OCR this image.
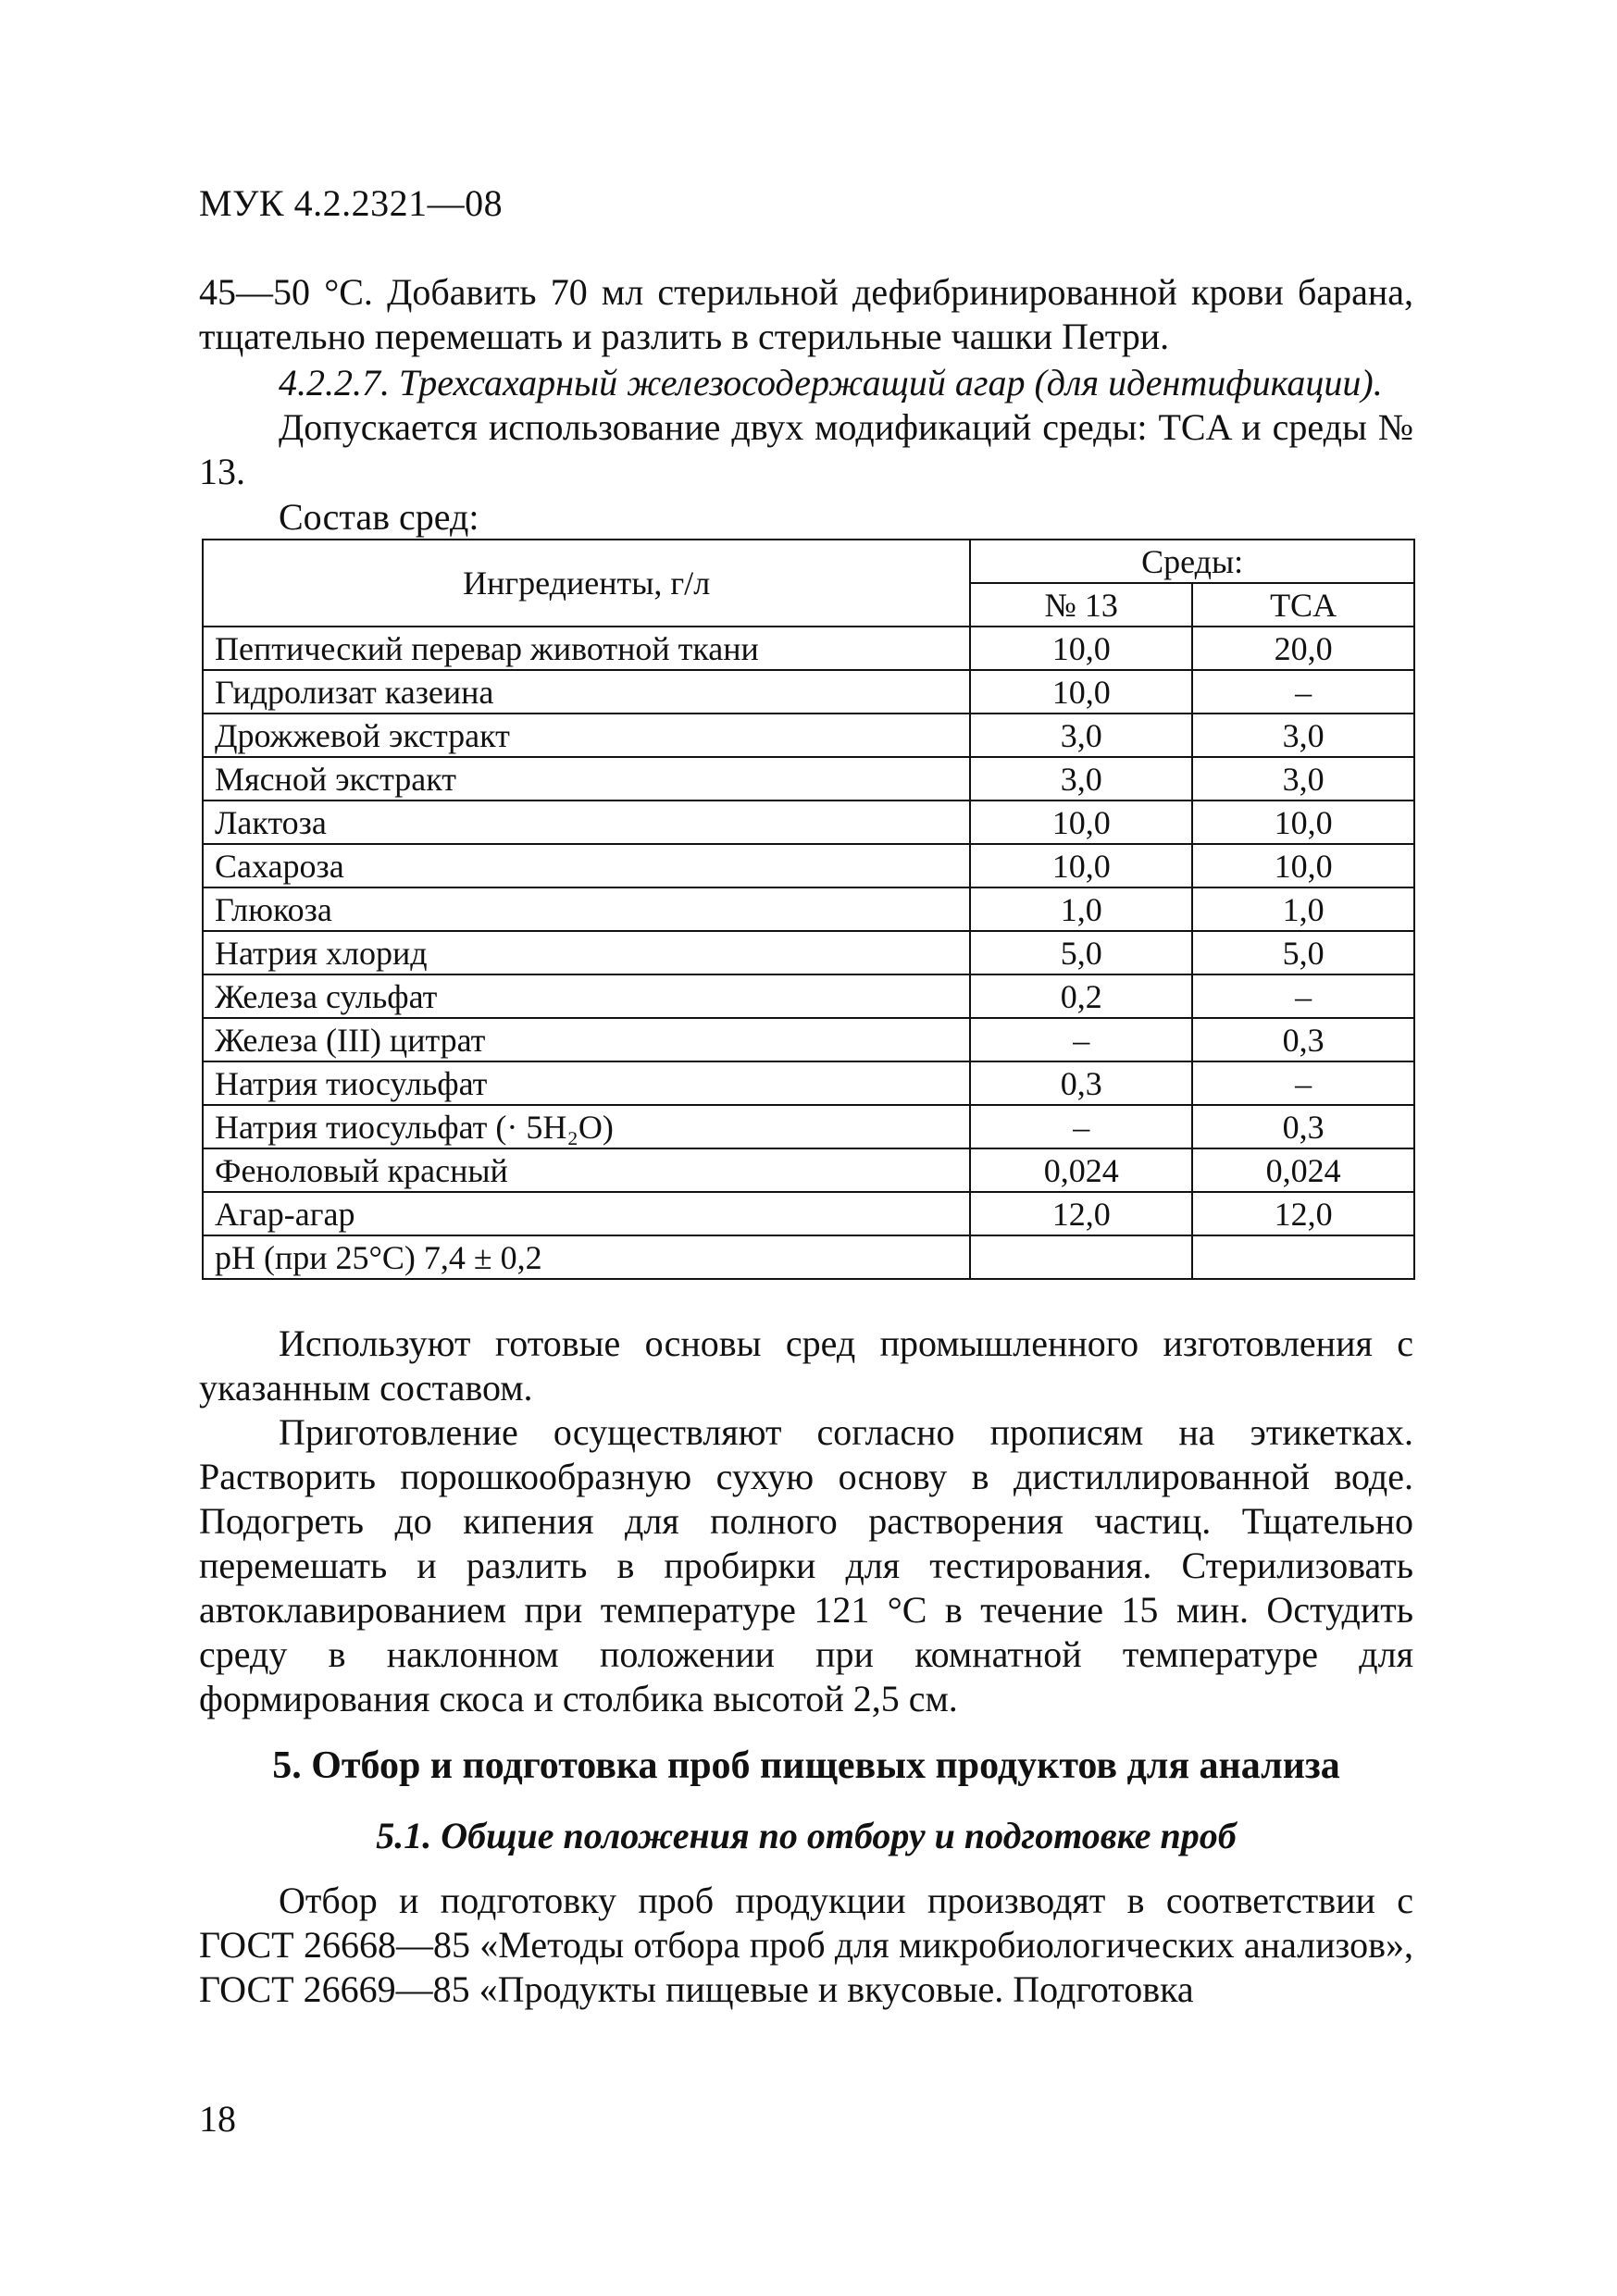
МУК 4.2.2321—08

45—50 °С. Добавить 70 мл стерильной дефибринированной крови барана, тщательно перемешать и разлить в стерильные чашки Петри.

4.2.2.7. Трехсахарный железосодержащий агар (для идентификации).

Допускается использование двух модификаций среды: TCA и среды № 13.

Состав сред:

Ингредиенты, г/л	Среды:	
	№ 13	TCA
Пептический перевар животной ткани	10,0	20,0
Гидролизат казеина	10,0	–
Дрожжевой экстракт	3,0	3,0
Мясной экстракт	3,0	3,0
Лактоза	10,0	10,0
Сахароза	10,0	10,0
Глюкоза	1,0	1,0
Натрия хлорид	5,0	5,0
Железа сульфат	0,2	–
Железа (III) цитрат	–	0,3
Натрия тиосульфат	0,3	–
Натрия тиосульфат (· 5H₂O)	–	0,3
Феноловый красный	0,024	0,024
Агар-агар	12,0	12,0
pH (при 25°С) 7,4 ± 0,2		

Используют готовые основы сред промышленного изготовления с указанным составом.

Приготовление осуществляют согласно прописям на этикетках. Растворить порошкообразную сухую основу в дистиллированной воде. Подогреть до кипения для полного растворения частиц. Тщательно перемешать и разлить в пробирки для тестирования. Стерилизовать автоклавированием при температуре 121 °С в течение 15 мин. Остудить среду в наклонном положении при комнатной температуре для формирования скоса и столбика высотой 2,5 см.

5. Отбор и подготовка проб пищевых продуктов для анализа
5.1. Общие положения по отбору и подготовке проб

Отбор и подготовку проб продукции производят в соответствии с ГОСТ 26668—85 «Методы отбора проб для микробиологических анализов», ГОСТ 26669—85 «Продукты пищевые и вкусовые. Подготовка

18
